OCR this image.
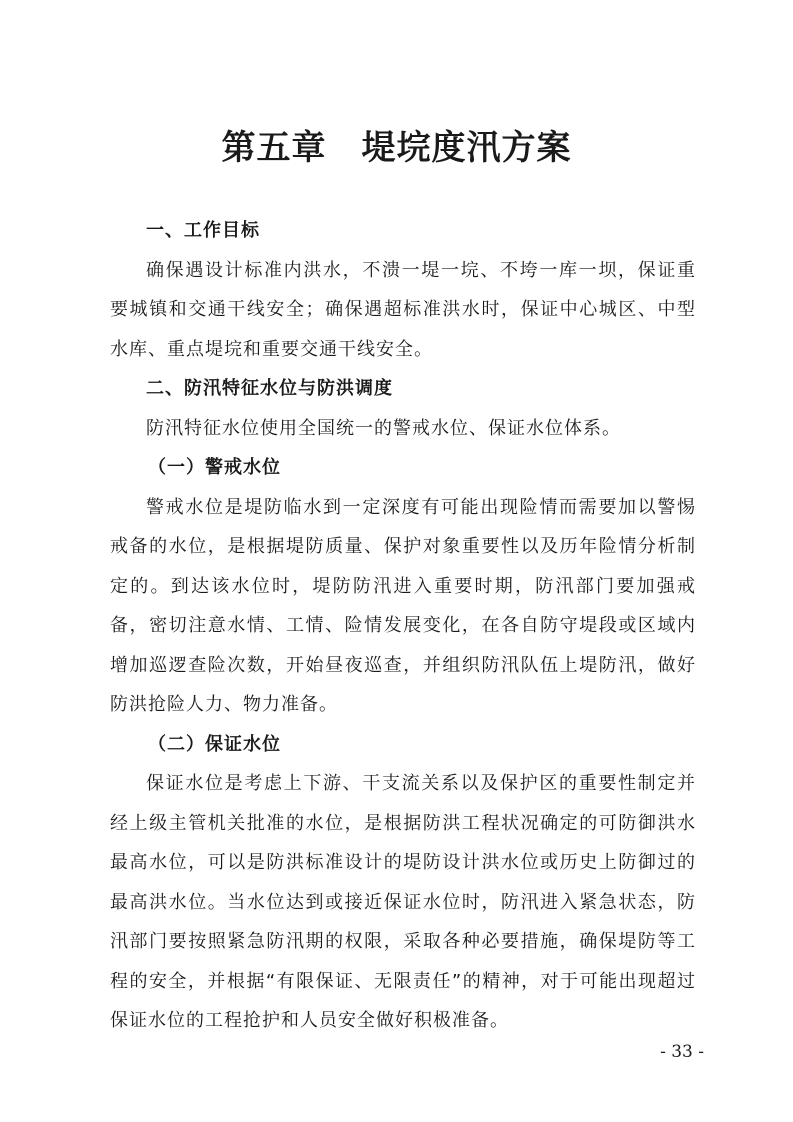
第五章　堤垸度汛方案

一、工作目标

确保遇设计标准内洪水，不溃一堤一垸、不垮一库一坝，保证重要城镇和交通干线安全；确保遇超标准洪水时，保证中心城区、中型水库、重点堤垸和重要交通干线安全。

二、防汛特征水位与防洪调度

防汛特征水位使用全国统一的警戒水位、保证水位体系。

（一）警戒水位

警戒水位是堤防临水到一定深度有可能出现险情而需要加以警惕戒备的水位，是根据堤防质量、保护对象重要性以及历年险情分析制定的。到达该水位时，堤防防汛进入重要时期，防汛部门要加强戒备，密切注意水情、工情、险情发展变化，在各自防守堤段或区域内增加巡逻查险次数，开始昼夜巡查，并组织防汛队伍上堤防汛，做好防洪抢险人力、物力准备。

（二）保证水位

保证水位是考虑上下游、干支流关系以及保护区的重要性制定并经上级主管机关批准的水位，是根据防洪工程状况确定的可防御洪水最高水位，可以是防洪标准设计的堤防设计洪水位或历史上防御过的最高洪水位。当水位达到或接近保证水位时，防汛进入紧急状态，防汛部门要按照紧急防汛期的权限，采取各种必要措施，确保堤防等工程的安全，并根据“有限保证、无限责任”的精神，对于可能出现超过保证水位的工程抢护和人员安全做好积极准备。

- 33 -
